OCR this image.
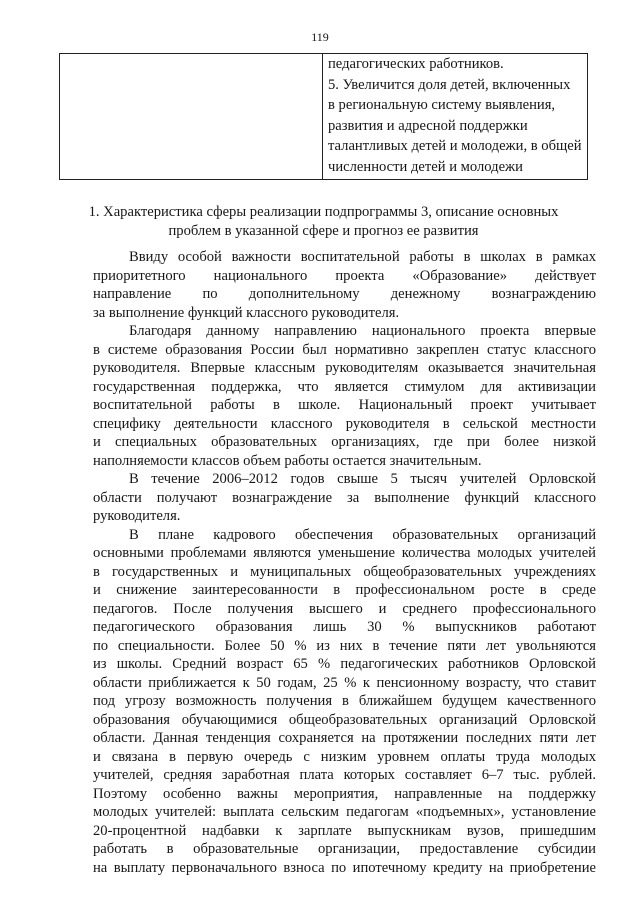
119

педагогических работников.
5. Увеличится доля детей, включенных
в региональную систему выявления,
развития и адресной поддержки
талантливых детей и молодежи, в общей
численности детей и молодежи
1. Характеристика сферы реализации подпрограммы 3, описание основных
проблем в указанной сфере и прогноз ее развития
Ввиду особой важности воспитательной работы в школах в рамках
приоритетного национального проекта «Образование» действует
направление по дополнительному денежному вознаграждению
за выполнение функций классного руководителя.
Благодаря данному направлению национального проекта впервые
в системе образования России был нормативно закреплен статус классного
руководителя. Впервые классным руководителям оказывается значительная
государственная поддержка, что является стимулом для активизации
воспитательной работы в школе. Национальный проект учитывает
специфику деятельности классного руководителя в сельской местности
и специальных образовательных организациях, где при более низкой
наполняемости классов объем работы остается значительным.
В течение 2006–2012 годов свыше 5 тысяч учителей Орловской
области получают вознаграждение за выполнение функций классного
руководителя.
В плане кадрового обеспечения образовательных организаций
основными проблемами являются уменьшение количества молодых учителей
в государственных и муниципальных общеобразовательных учреждениях
и снижение заинтересованности в профессиональном росте в среде
педагогов. После получения высшего и среднего профессионального
педагогического образования лишь 30 % выпускников работают
по специальности. Более 50 % из них в течение пяти лет увольняются
из школы. Средний возраст 65 % педагогических работников Орловской
области приближается к 50 годам, 25 % к пенсионному возрасту, что ставит
под угрозу возможность получения в ближайшем будущем качественного
образования обучающимися общеобразовательных организаций Орловской
области. Данная тенденция сохраняется на протяжении последних пяти лет
и связана в первую очередь с низким уровнем оплаты труда молодых
учителей, средняя заработная плата которых составляет 6–7 тыс. рублей.
Поэтому особенно важны мероприятия, направленные на поддержку
молодых учителей: выплата сельским педагогам «подъемных», установление
20-процентной надбавки к зарплате выпускникам вузов, пришедшим
работать в образовательные организации, предоставление субсидии
на выплату первоначального взноса по ипотечному кредиту на приобретение
